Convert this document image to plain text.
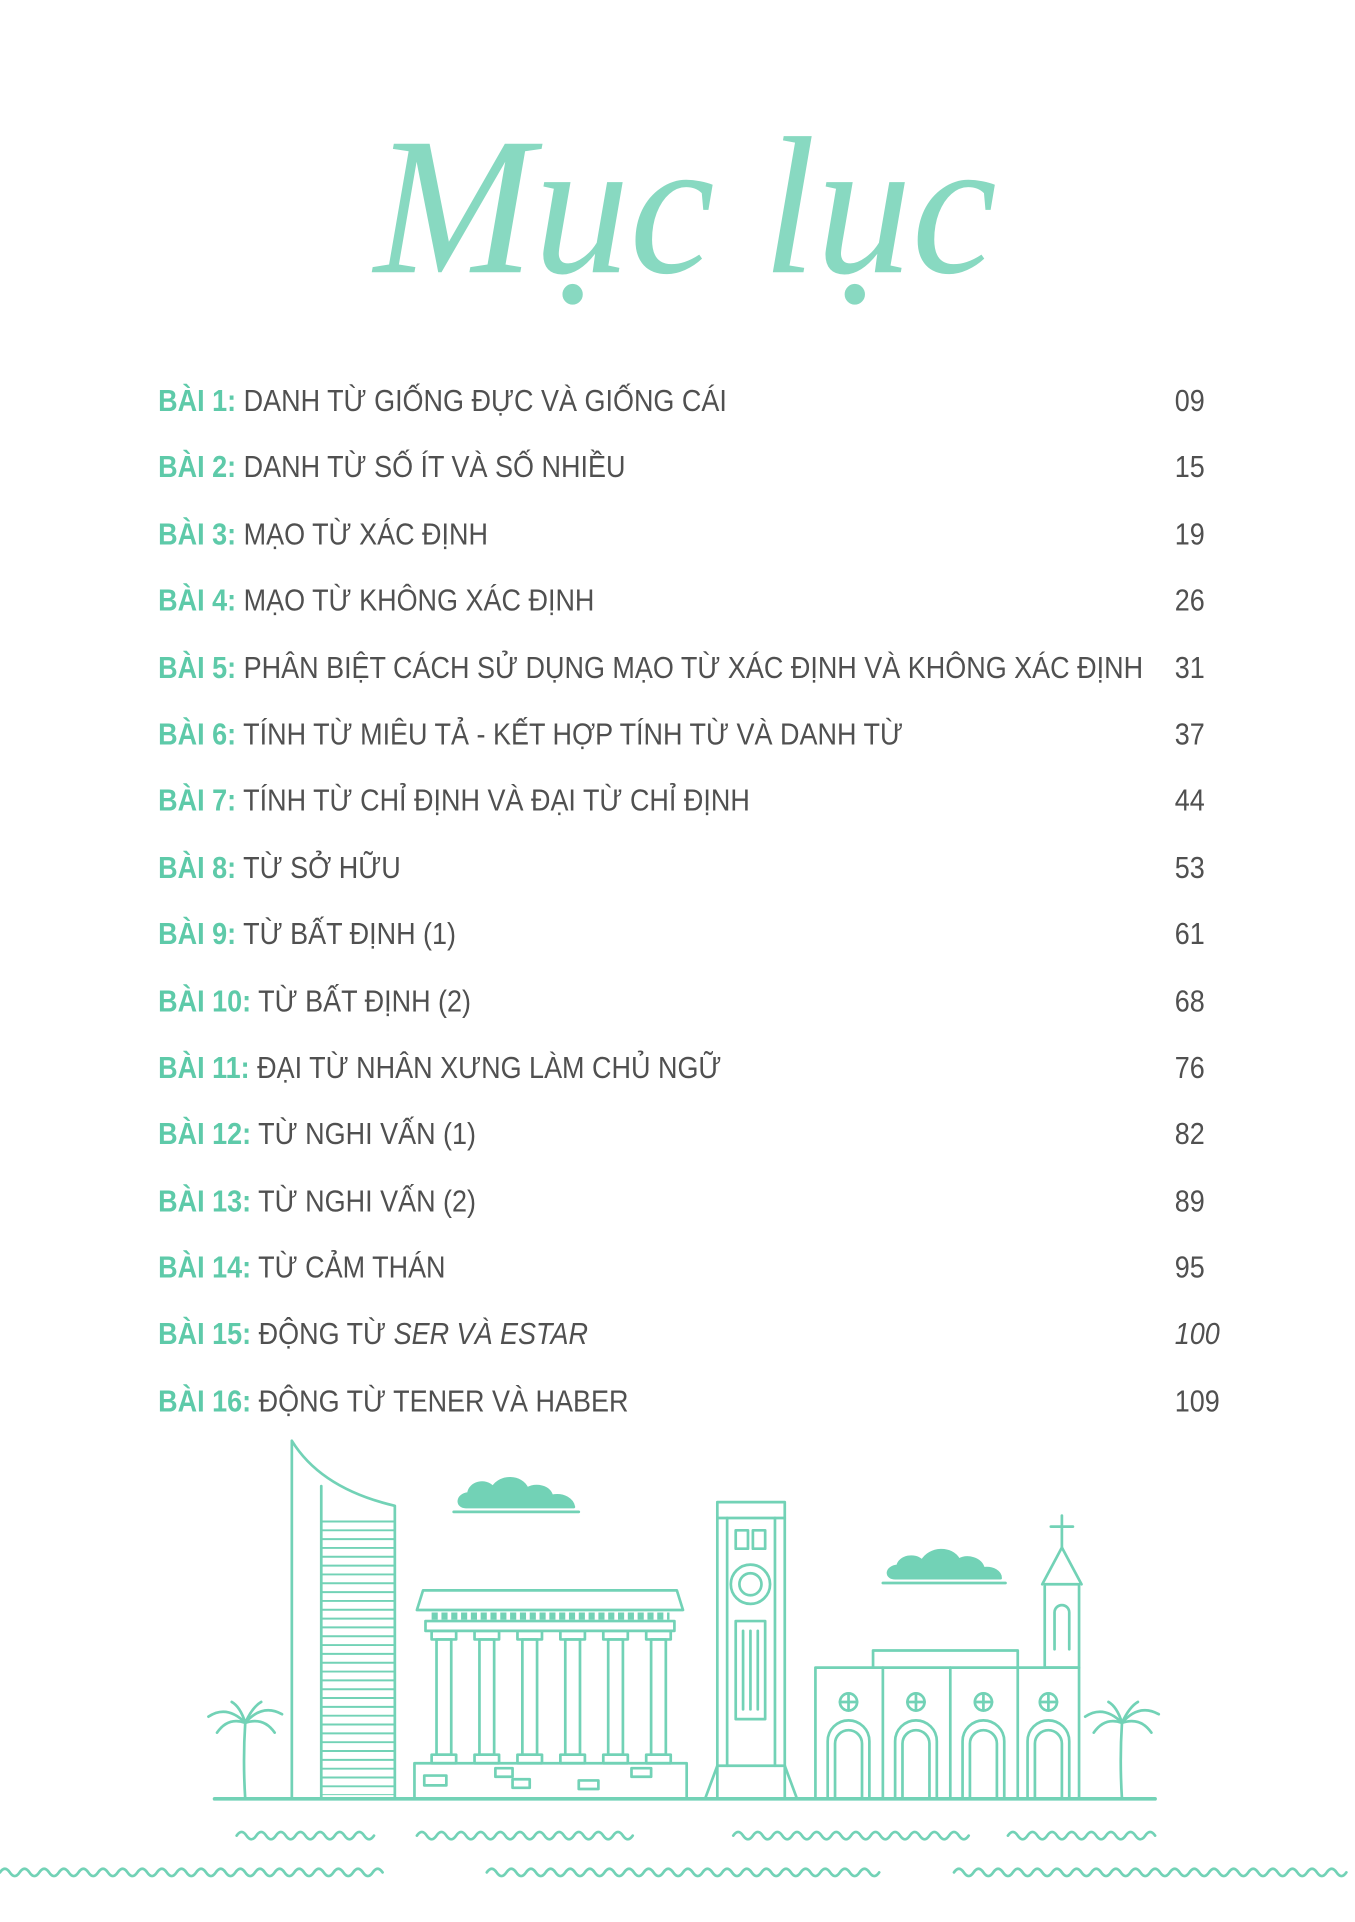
Mục lục
BÀI 1: DANH TỪ GIỐNG ĐỰC VÀ GIỐNG CÁI	09
BÀI 2: DANH TỪ SỐ ÍT VÀ SỐ NHIỀU	15
BÀI 3: MẠO TỪ XÁC ĐỊNH	19
BÀI 4: MẠO TỪ KHÔNG XÁC ĐỊNH	26
BÀI 5: PHÂN BIỆT CÁCH SỬ DỤNG MẠO TỪ XÁC ĐỊNH VÀ KHÔNG XÁC ĐỊNH 31
BÀI 6: TÍNH TỪ MIÊU TẢ - KẾT HỢP TÍNH TỪ VÀ DANH TỪ	37
BÀI 7: TÍNH TỪ CHỈ ĐỊNH VÀ ĐẠI TỪ CHỈ ĐỊNH	44
BÀI 8: TỪ SỞ HỮU	53
BÀI 9: TỪ BẤT ĐỊNH (1)	61
BÀI 10: TỪ BẤT ĐỊNH (2)	68
BÀI 11: ĐẠI TỪ NHÂN XƯNG LÀM CHỦ NGỮ	76
BÀI 12: TỪ NGHI VẤN (1)	82
BÀI 13: TỪ NGHI VẤN (2)	89
BÀI 14: TỪ CẢM THÁN	95
BÀI 15: ĐỘNG TỪ SER VÀ ESTAR	100
BÀI 16: ĐỘNG TỪ TENER VÀ HABER	109
